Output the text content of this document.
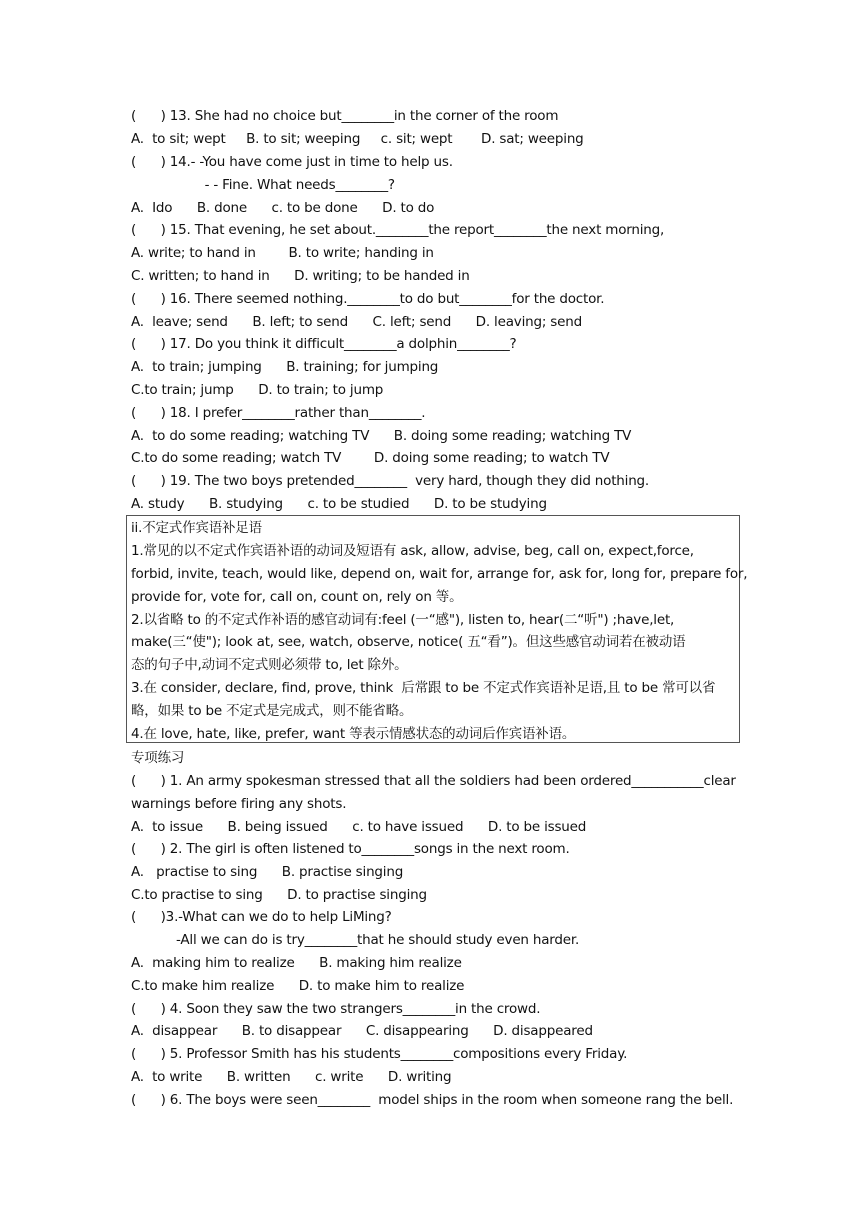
(      ) 13. She had no choice but________in the corner of the room

A.  to sit; wept     B. to sit; weeping     c. sit; wept       D. sat; weeping

(      ) 14.- -You have come just in time to help us.

- - Fine. What needs________?

A.  Ido      B. done      c. to be done      D. to do

(      ) 15. That evening, he set about.________the report________the next morning,

A. write; to hand in        B. to write; handing in

C. written; to hand in      D. writing; to be handed in

(      ) 16. There seemed nothing.________to do but________for the doctor.

A.  leave; send      B. left; to send      C. left; send      D. leaving; send

(      ) 17. Do you think it difficult________a dolphin________?

A.  to train; jumping      B. training; for jumping

C.to train; jump      D. to train; to jump

(      ) 18. I prefer________rather than________.

A.  to do some reading; watching TV      B. doing some reading; watching TV

C.to do some reading; watch TV        D. doing some reading; to watch TV

(      ) 19. The two boys pretended________  very hard, though they did nothing.

A. study      B. studying      c. to be studied      D. to be studying

ii.不定式作宾语补足语

1.常见的以不定式作宾语补语的动词及短语有 ask, allow, advise, beg, call on, expect,force,

forbid, invite, teach, would like, depend on, wait for, arrange for, ask for, long for, prepare for,

provide for, vote for, call on, count on, rely on 等。

2.以省略 to 的不定式作补语的感官动词有:feel (一“感"), listen to, hear(二“听") ;have,let,

make(三“使"); look at, see, watch, observe, notice( 五“看”)。但这些感官动词若在被动语

态的句子中,动词不定式则必须带 to, let 除外。

3.在 consider, declare, find, prove, think  后常跟 to be 不定式作宾语补足语,且 to be 常可以省

略，如果 to be 不定式是完成式，则不能省略。

4.在 love, hate, like, prefer, want 等表示情感状态的动词后作宾语补语。

专项练习

(      ) 1. An army spokesman stressed that all the soldiers had been ordered___________clear

warnings before firing any shots.

A.  to issue      B. being issued      c. to have issued      D. to be issued

(      ) 2. The girl is often listened to________songs in the next room.

A.   practise to sing      B. practise singing

C.to practise to sing      D. to practise singing

(      )3.-What can we do to help LiMing?

-All we can do is try________that he should study even harder.

A.  making him to realize      B. making him realize

C.to make him realize      D. to make him to realize

(      ) 4. Soon they saw the two strangers________in the crowd.

A.  disappear      B. to disappear      C. disappearing      D. disappeared

(      ) 5. Professor Smith has his students________compositions every Friday.

A.  to write      B. written      c. write      D. writing

(      ) 6. The boys were seen________  model ships in the room when someone rang the bell.
